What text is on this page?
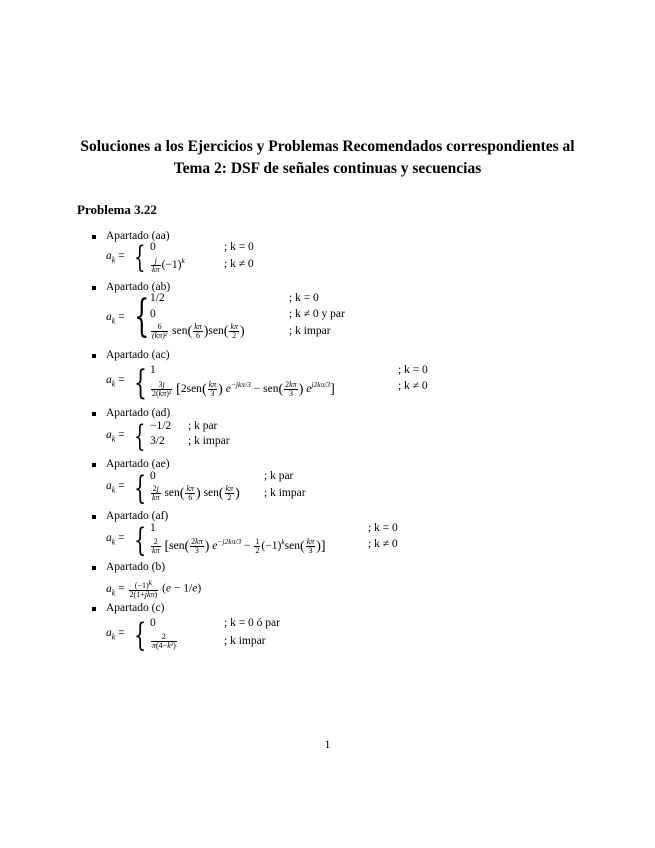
Soluciones a los Ejercicios y Problemas Recomendados correspondientes al
Tema 2: DSF de señales continuas y secuencias
Problema 3.22
Apartado (aa)
$a_k$ = { 0
$\frac{j}{k\pi} (-1)^k$
; k = 0
; k ≠ 0
Apartado (ab)
$a_k$ = { 1/2
0
$\frac{6}{\text{(kπ)²}} sen( \frac{k\pi}{6} )sen( \frac{k\pi}{2}$ )
; k = 0
; k ≠ 0 y par
; k impar
Apartado (ac)
$a_k$ = { 1
$\frac{3j}{\text{2(kπ)²}} [2sen( \frac{k\pi}{3}$ ) $e^{-jk\pi/3} - sen( \frac{2k\pi}{3}$ ) $e^{j2k\pi/3}$]
; k = 0
; k ≠ 0
Apartado (ad)
$a_k$ = { −1/2
3/2
; k par
; k impar
Apartado (ae)
$a_k$ = { 0
$\frac{2j}{k\pi} sen( \frac{k\pi}{6}$ ) $sen( \frac{k\pi}{2}$ )
; k par
; k impar
Apartado (af)
$a_k$ = { 1
$\frac{2}{k\pi} [sen( \frac{2k\pi}{3}$ ) $e^{-j2k\pi/3} - \frac{1}{2} (-1)^ksen( \frac{k\pi}{3}$ )]
; k = 0
; k ≠ 0
Apartado (b)
$a_k = \frac{(-1)k}{\text{2(1+jkπ)}} (e - 1/e)$
Apartado (c)
$a_k$ = { 0
$\frac{2}{\text{π(4−k²)}}$
; k = 0 ó par
; k impar
1
